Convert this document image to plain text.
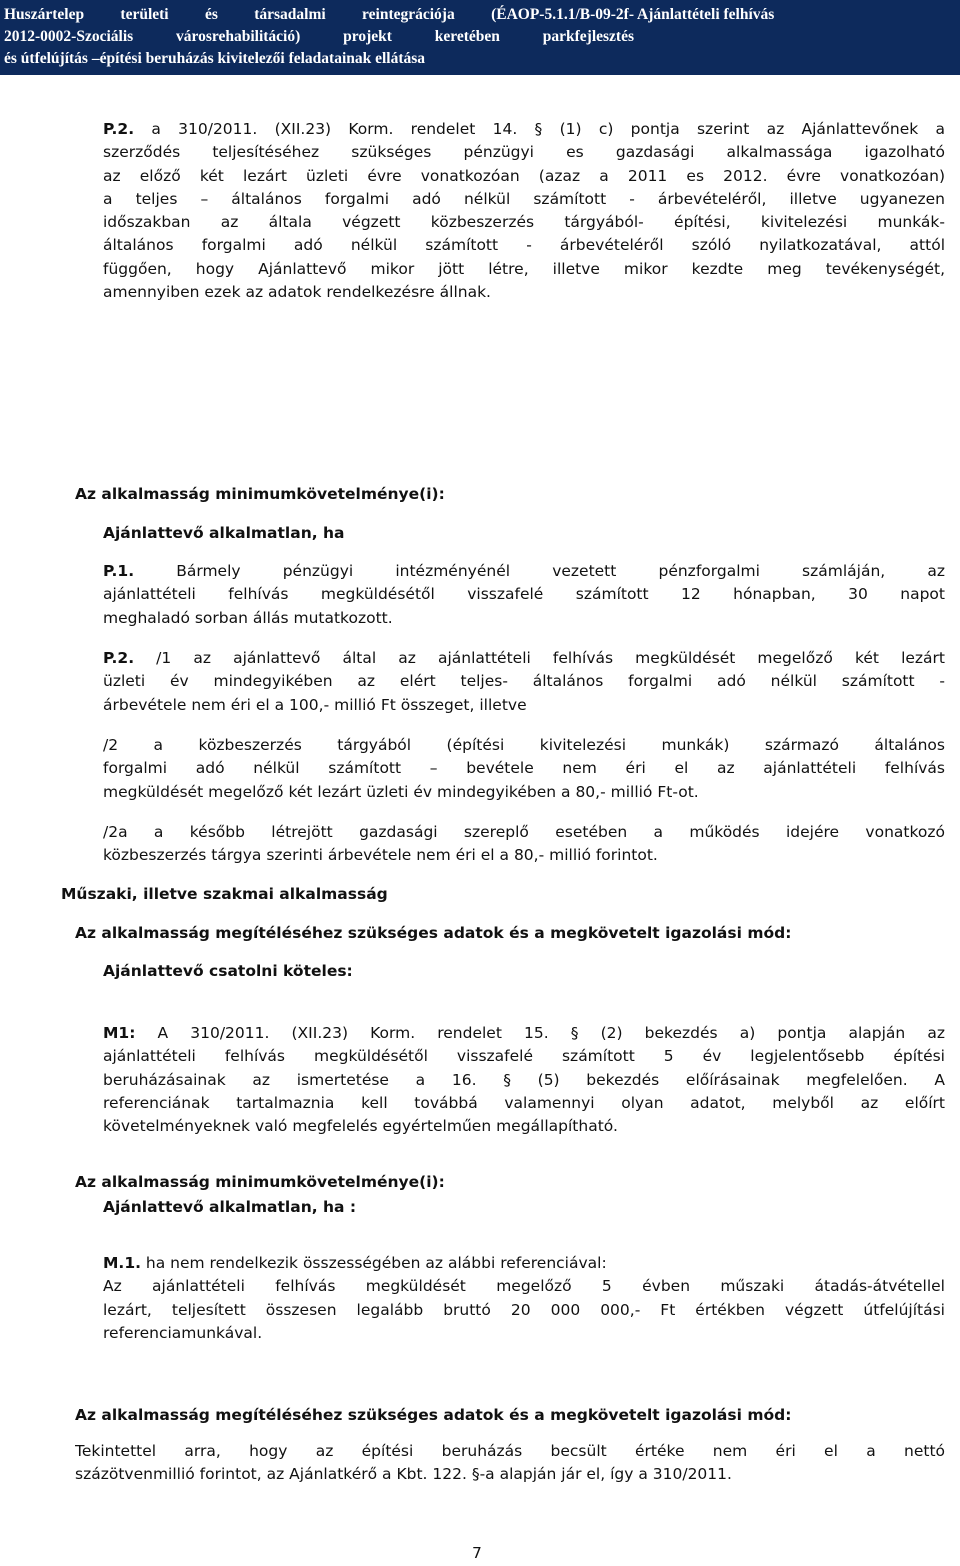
Huszártelep területi és társadalmi reintegrációja (ÉAOP-5.1.1/B-09-2f-
2012-0002-Szociális városrehabilitáció) projekt keretében parkfejlesztés
és útfelújítás –építési beruházás kivitelezői feladatainak ellátása
Ajánlattételi felhívás
P.2. a 310/2011. (XII.23) Korm. rendelet 14. § (1) c) pontja szerint az Ajánlattevőnek a
szerződés teljesítéséhez szükséges pénzügyi es gazdasági alkalmassága igazolható
az előző két lezárt üzleti évre vonatkozóan (azaz a 2011 es 2012. évre vonatkozóan)
a teljes – általános forgalmi adó nélkül számított - árbevételéről, illetve ugyanezen
időszakban az általa végzett közbeszerzés tárgyából- építési, kivitelezési munkák-
általános forgalmi adó nélkül számított - árbevételéről szóló nyilatkozatával, attól
függően, hogy Ajánlattevő mikor jött létre, illetve mikor kezdte meg tevékenységét,
amennyiben ezek az adatok rendelkezésre állnak.
Az alkalmasság minimumkövetelménye(i):
Ajánlattevő alkalmatlan, ha
P.1. Bármely pénzügyi intézményénél vezetett pénzforgalmi számláján, az
ajánlattételi felhívás megküldésétől visszafelé számított 12 hónapban, 30 napot
meghaladó sorban állás mutatkozott.
P.2. /1 az ajánlattevő által az ajánlattételi felhívás megküldését megelőző két lezárt
üzleti év mindegyikében az elért teljes- általános forgalmi adó nélkül számított -
árbevétele nem éri el a 100,- millió Ft összeget, illetve
/2 a közbeszerzés tárgyából (építési kivitelezési munkák) származó általános
forgalmi adó nélkül számított – bevétele nem éri el az ajánlattételi felhívás
megküldését megelőző két lezárt üzleti év mindegyikében a 80,- millió Ft-ot.
/2a a később létrejött gazdasági szereplő esetében a működés idejére vonatkozó
közbeszerzés tárgya szerinti árbevétele nem éri el a 80,- millió forintot.
Műszaki, illetve szakmai alkalmasság
Az alkalmasság megítéléséhez szükséges adatok és a megkövetelt igazolási mód:
Ajánlattevő csatolni köteles:
M1: A 310/2011. (XII.23) Korm. rendelet 15. § (2) bekezdés a) pontja alapján az
ajánlattételi felhívás megküldésétől visszafelé számított 5 év legjelentősebb építési
beruházásainak az ismertetése a 16. § (5) bekezdés előírásainak megfelelően. A
referenciának tartalmaznia kell továbbá valamennyi olyan adatot, melyből az előírt
követelményeknek való megfelelés egyértelműen megállapítható.
Az alkalmasság minimumkövetelménye(i):
Ajánlattevő alkalmatlan, ha :
M.1. ha nem rendelkezik összességében az alábbi referenciával:
Az ajánlattételi felhívás megküldését megelőző 5 évben műszaki átadás-átvétellel
lezárt, teljesített összesen legalább bruttó 20 000 000,- Ft értékben végzett útfelújítási
referenciamunkával.
Az alkalmasság megítéléséhez szükséges adatok és a megkövetelt igazolási mód:
Tekintettel arra, hogy az építési beruházás becsült értéke nem éri el a nettó
százötvenmillió forintot, az Ajánlatkérő a Kbt. 122. §-a alapján jár el, így a 310/2011.
7
